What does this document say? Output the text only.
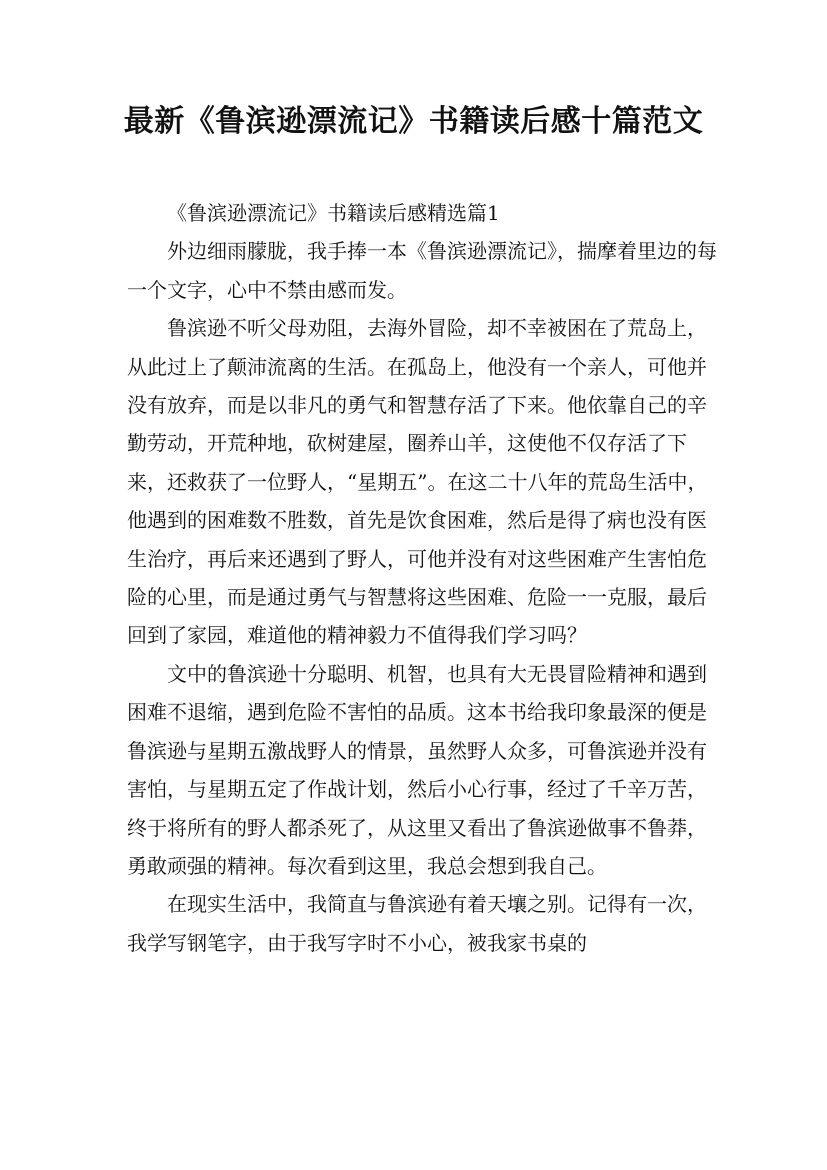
最新《鲁滨逊漂流记》书籍读后感十篇范文

《鲁滨逊漂流记》书籍读后感精选篇1

外边细雨朦胧，我手捧一本《鲁滨逊漂流记》，揣摩着里边的每一个文字，心中不禁由感而发。

鲁滨逊不听父母劝阻，去海外冒险，却不幸被困在了荒岛上，从此过上了颠沛流离的生活。在孤岛上，他没有一个亲人，可他并没有放弃，而是以非凡的勇气和智慧存活了下来。他依靠自己的辛勤劳动，开荒种地，砍树建屋，圈养山羊，这使他不仅存活了下来，还救获了一位野人，“星期五”。在这二十八年的荒岛生活中，他遇到的困难数不胜数，首先是饮食困难，然后是得了病也没有医生治疗，再后来还遇到了野人，可他并没有对这些困难产生害怕危险的心里，而是通过勇气与智慧将这些困难、危险一一克服，最后回到了家园，难道他的精神毅力不值得我们学习吗？

文中的鲁滨逊十分聪明、机智，也具有大无畏冒险精神和遇到困难不退缩，遇到危险不害怕的品质。这本书给我印象最深的便是鲁滨逊与星期五激战野人的情景，虽然野人众多，可鲁滨逊并没有害怕，与星期五定了作战计划，然后小心行事，经过了千辛万苦，终于将所有的野人都杀死了，从这里又看出了鲁滨逊做事不鲁莽，勇敢顽强的精神。每次看到这里，我总会想到我自己。

在现实生活中，我简直与鲁滨逊有着天壤之别。记得有一次，我学写钢笔字，由于我写字时不小心，被我家书桌的
